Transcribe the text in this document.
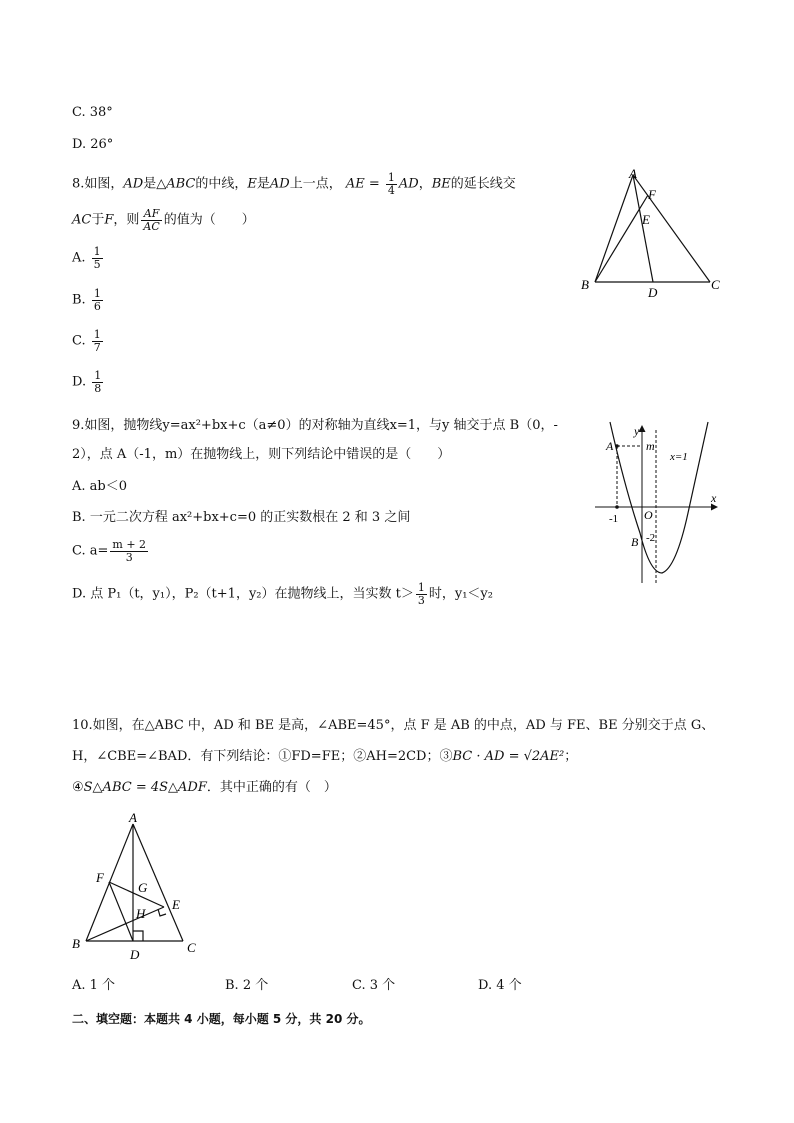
C. 38°
D. 26°
8.如图，AD是△ABC的中线，E是AD上一点， AE = $\frac{1}{4}$ AD，BE的延长线交
AC于F，则 $\frac{AF}{AC}$ 的值为（　　）
A. $\frac{1}{5}$
B. $\frac{1}{6}$
C. $\frac{1}{7}$
D. $\frac{1}{8}$
A
F
E
B
D
C
9.如图，抛物线y=ax²+bx+c（a≠0）的对称轴为直线x=1，与y 轴交于点 B（0，-
2），点 A（-1，m）在抛物线上，则下列结论中错误的是（　　）
A. ab＜0
B. 一元二次方程 ax²+bx+c=0 的正实数根在 2 和 3 之间
C. $a= \frac{m + 2}{3}$
D. 点 P₁（t，y₁），P₂（t+1，y₂）在抛物线上，当实数 $t> \frac{1}{3}$ 时，y₁＜y₂
y
x
A	m
x=1
-1 O
B -2
10.如图，在△ABC 中，AD 和 BE 是高，∠ABE=45°，点 F 是 AB 的中点，AD 与 FE、BE 分别交于点 G、
H，∠CBE=∠BAD．有下列结论：①FD=FE；②AH=2CD；③BC · AD = √2AE²；
④S△ABC = 4S△ADF．其中正确的有（　）
A
F
G
H
E
B
D	C
A. 1 个	B. 2 个	C. 3 个	D. 4 个
二、填空题：本题共 4 小题，每小题 5 分，共 20 分。
